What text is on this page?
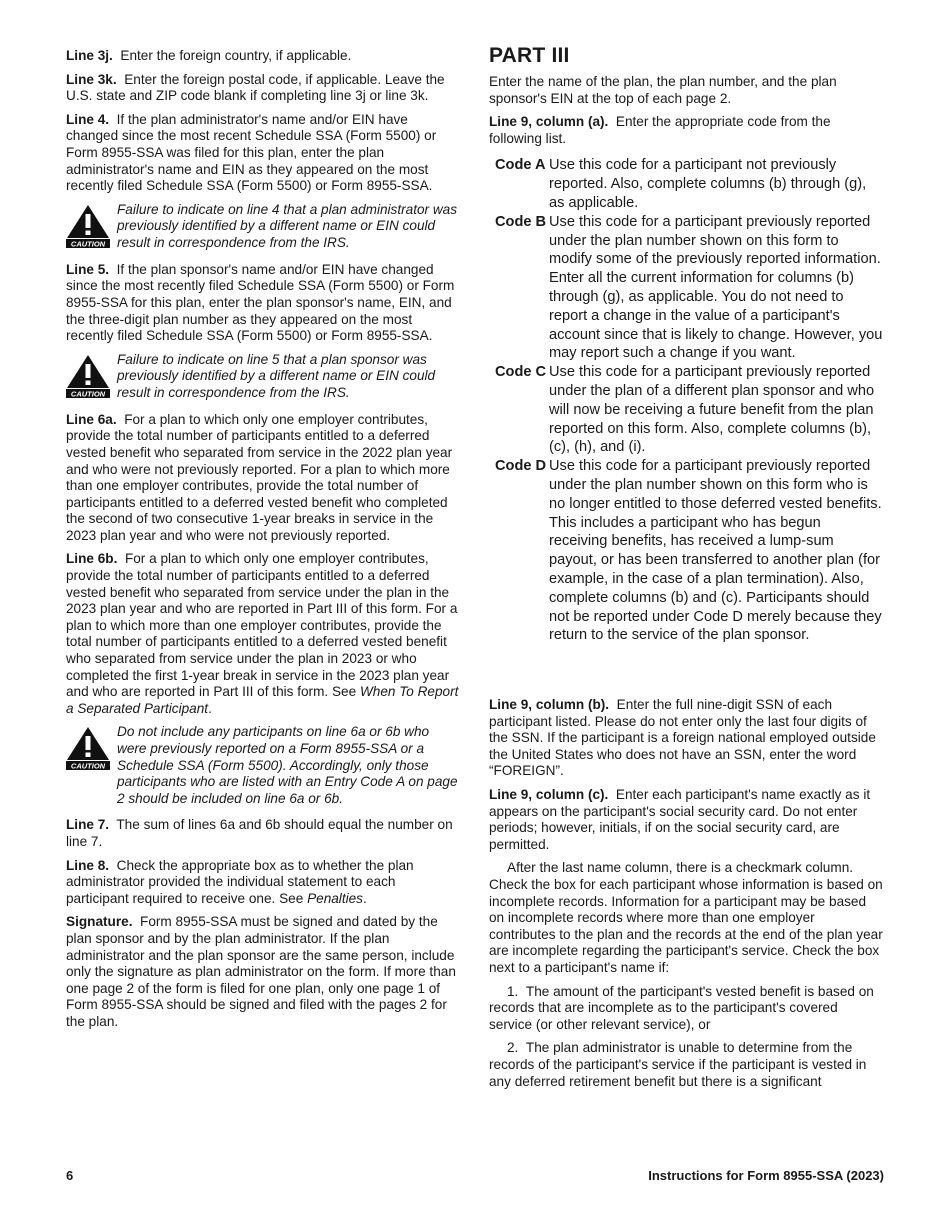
Line 3j. Enter the foreign country, if applicable.

Line 3k. Enter the foreign postal code, if applicable. Leave the U.S. state and ZIP code blank if completing line 3j or line 3k.

Line 4. If the plan administrator's name and/or EIN have changed since the most recent Schedule SSA (Form 5500) or Form 8955-SSA was filed for this plan, enter the plan administrator's name and EIN as they appeared on the most recently filed Schedule SSA (Form 5500) or Form 8955-SSA.

CAUTION
Failure to indicate on line 4 that a plan administrator was previously identified by a different name or EIN could result in correspondence from the IRS.

Line 5. If the plan sponsor's name and/or EIN have changed since the most recently filed Schedule SSA (Form 5500) or Form 8955-SSA for this plan, enter the plan sponsor's name, EIN, and the three-digit plan number as they appeared on the most recently filed Schedule SSA (Form 5500) or Form 8955-SSA.

CAUTION
Failure to indicate on line 5 that a plan sponsor was previously identified by a different name or EIN could result in correspondence from the IRS.

Line 6a. For a plan to which only one employer contributes, provide the total number of participants entitled to a deferred vested benefit who separated from service in the 2022 plan year and who were not previously reported. For a plan to which more than one employer contributes, provide the total number of participants entitled to a deferred vested benefit who completed the second of two consecutive 1-year breaks in service in the 2023 plan year and who were not previously reported.

Line 6b. For a plan to which only one employer contributes, provide the total number of participants entitled to a deferred vested benefit who separated from service under the plan in the 2023 plan year and who are reported in Part III of this form. For a plan to which more than one employer contributes, provide the total number of participants entitled to a deferred vested benefit who separated from service under the plan in 2023 or who completed the first 1-year break in service in the 2023 plan year and who are reported in Part III of this form. See When To Report a Separated Participant.

CAUTION
Do not include any participants on line 6a or 6b who were previously reported on a Form 8955-SSA or a Schedule SSA (Form 5500). Accordingly, only those participants who are listed with an Entry Code A on page 2 should be included on line 6a or 6b.

Line 7. The sum of lines 6a and 6b should equal the number on line 7.

Line 8. Check the appropriate box as to whether the plan administrator provided the individual statement to each participant required to receive one. See Penalties.

Signature. Form 8955-SSA must be signed and dated by the plan sponsor and by the plan administrator. If the plan administrator and the plan sponsor are the same person, include only the signature as plan administrator on the form. If more than one page 2 of the form is filed for one plan, only one page 1 of Form 8955-SSA should be signed and filed with the pages 2 for the plan.

PART III

Enter the name of the plan, the plan number, and the plan sponsor's EIN at the top of each page 2.

Line 9, column (a). Enter the appropriate code from the following list.

Code A Use this code for a participant not previously reported. Also, complete columns (b) through (g), as applicable.
Code B Use this code for a participant previously reported under the plan number shown on this form to modify some of the previously reported information. Enter all the current information for columns (b) through (g), as applicable. You do not need to report a change in the value of a participant's account since that is likely to change. However, you may report such a change if you want.
Code C Use this code for a participant previously reported under the plan of a different plan sponsor and who will now be receiving a future benefit from the plan reported on this form. Also, complete columns (b), (c), (h), and (i).
Code D Use this code for a participant previously reported under the plan number shown on this form who is no longer entitled to those deferred vested benefits. This includes a participant who has begun receiving benefits, has received a lump-sum payout, or has been transferred to another plan (for example, in the case of a plan termination). Also, complete columns (b) and (c). Participants should not be reported under Code D merely because they return to the service of the plan sponsor.

Line 9, column (b). Enter the full nine-digit SSN of each participant listed. Please do not enter only the last four digits of the SSN. If the participant is a foreign national employed outside the United States who does not have an SSN, enter the word “FOREIGN”.

Line 9, column (c). Enter each participant's name exactly as it appears on the participant's social security card. Do not enter periods; however, initials, if on the social security card, are permitted.

After the last name column, there is a checkmark column. Check the box for each participant whose information is based on incomplete records. Information for a participant may be based on incomplete records where more than one employer contributes to the plan and the records at the end of the plan year are incomplete regarding the participant's service. Check the box next to a participant's name if:

1.  The amount of the participant's vested benefit is based on records that are incomplete as to the participant's covered service (or other relevant service), or

2.  The plan administrator is unable to determine from the records of the participant's service if the participant is vested in any deferred retirement benefit but there is a significant

6	Instructions for Form 8955-SSA (2023)
